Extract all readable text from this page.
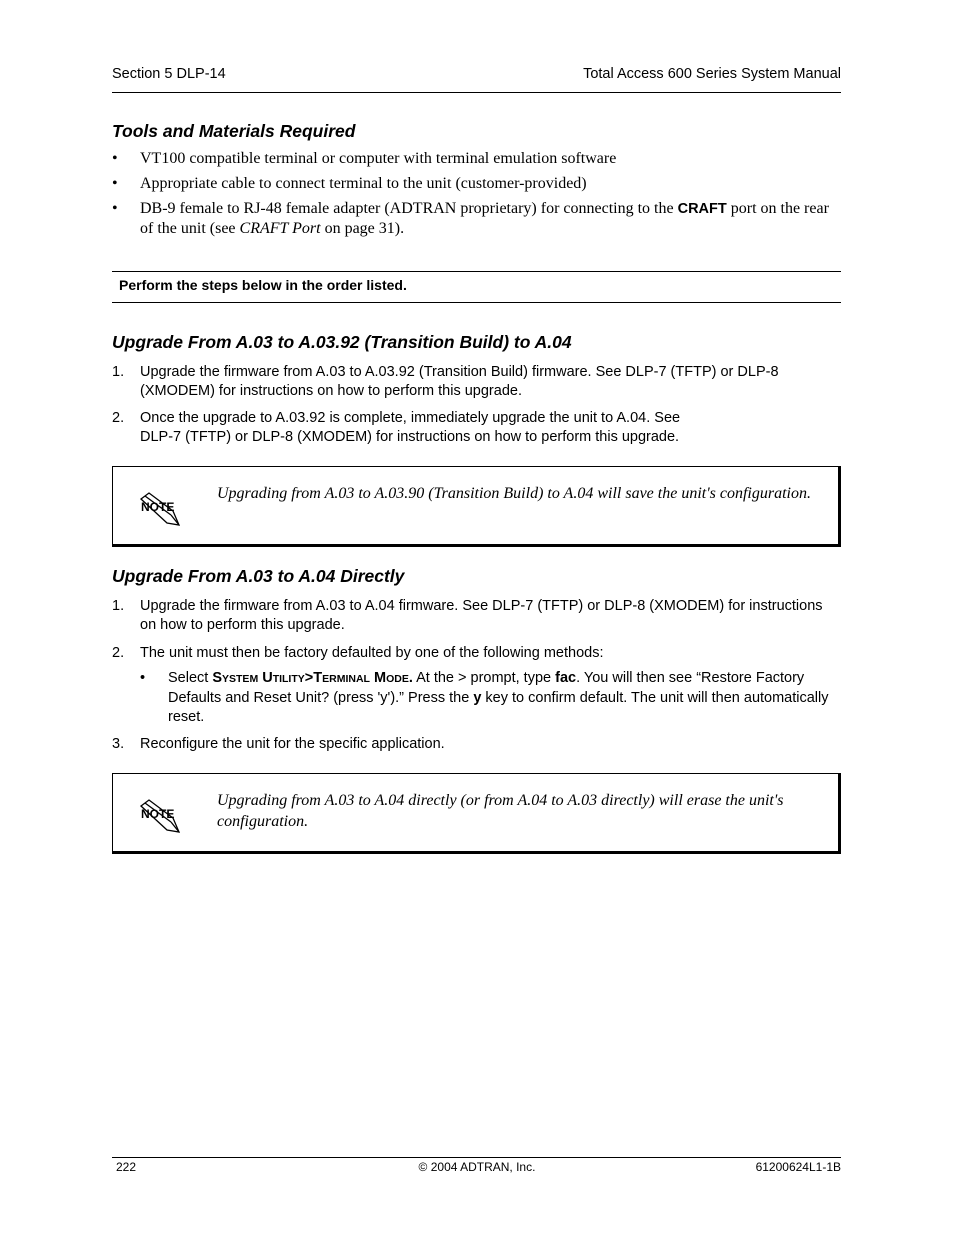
Section 5 DLP-14	Total Access 600 Series System Manual
Tools and Materials Required
• VT100 compatible terminal or computer with terminal emulation software
• Appropriate cable to connect terminal to the unit (customer-provided)
• DB-9 female to RJ-48 female adapter (ADTRAN proprietary) for connecting to the CRAFT port on the rear of the unit (see CRAFT Port on page 31).
Perform the steps below in the order listed.
Upgrade From A.03 to A.03.92 (Transition Build) to A.04
1. Upgrade the firmware from A.03 to A.03.92 (Transition Build) firmware. See DLP-7 (TFTP) or DLP-8 (XMODEM) for instructions on how to perform this upgrade.
2. Once the upgrade to A.03.92 is complete, immediately upgrade the unit to A.04. See
DLP-7 (TFTP) or DLP-8 (XMODEM) for instructions on how to perform this upgrade.
NOTE
Upgrading from A.03 to A.03.90 (Transition Build) to A.04 will save the unit's configuration.
Upgrade From A.03 to A.04 Directly
1. Upgrade the firmware from A.03 to A.04 firmware. See DLP-7 (TFTP) or DLP-8 (XMODEM) for instructions on how to perform this upgrade.
2. The unit must then be factory defaulted by one of the following methods:
• Select SYSTEM UTILITY>TERMINAL MODE. At the > prompt, type fac. You will then see “Restore Factory Defaults and Reset Unit? (press 'y').” Press the y key to confirm default. The unit will then automatically reset.
3. Reconfigure the unit for the specific application.
NOTE
Upgrading from A.03 to A.04 directly (or from A.04 to A.03 directly) will erase the unit's configuration.
222	© 2004 ADTRAN, Inc.	61200624L1-1B
